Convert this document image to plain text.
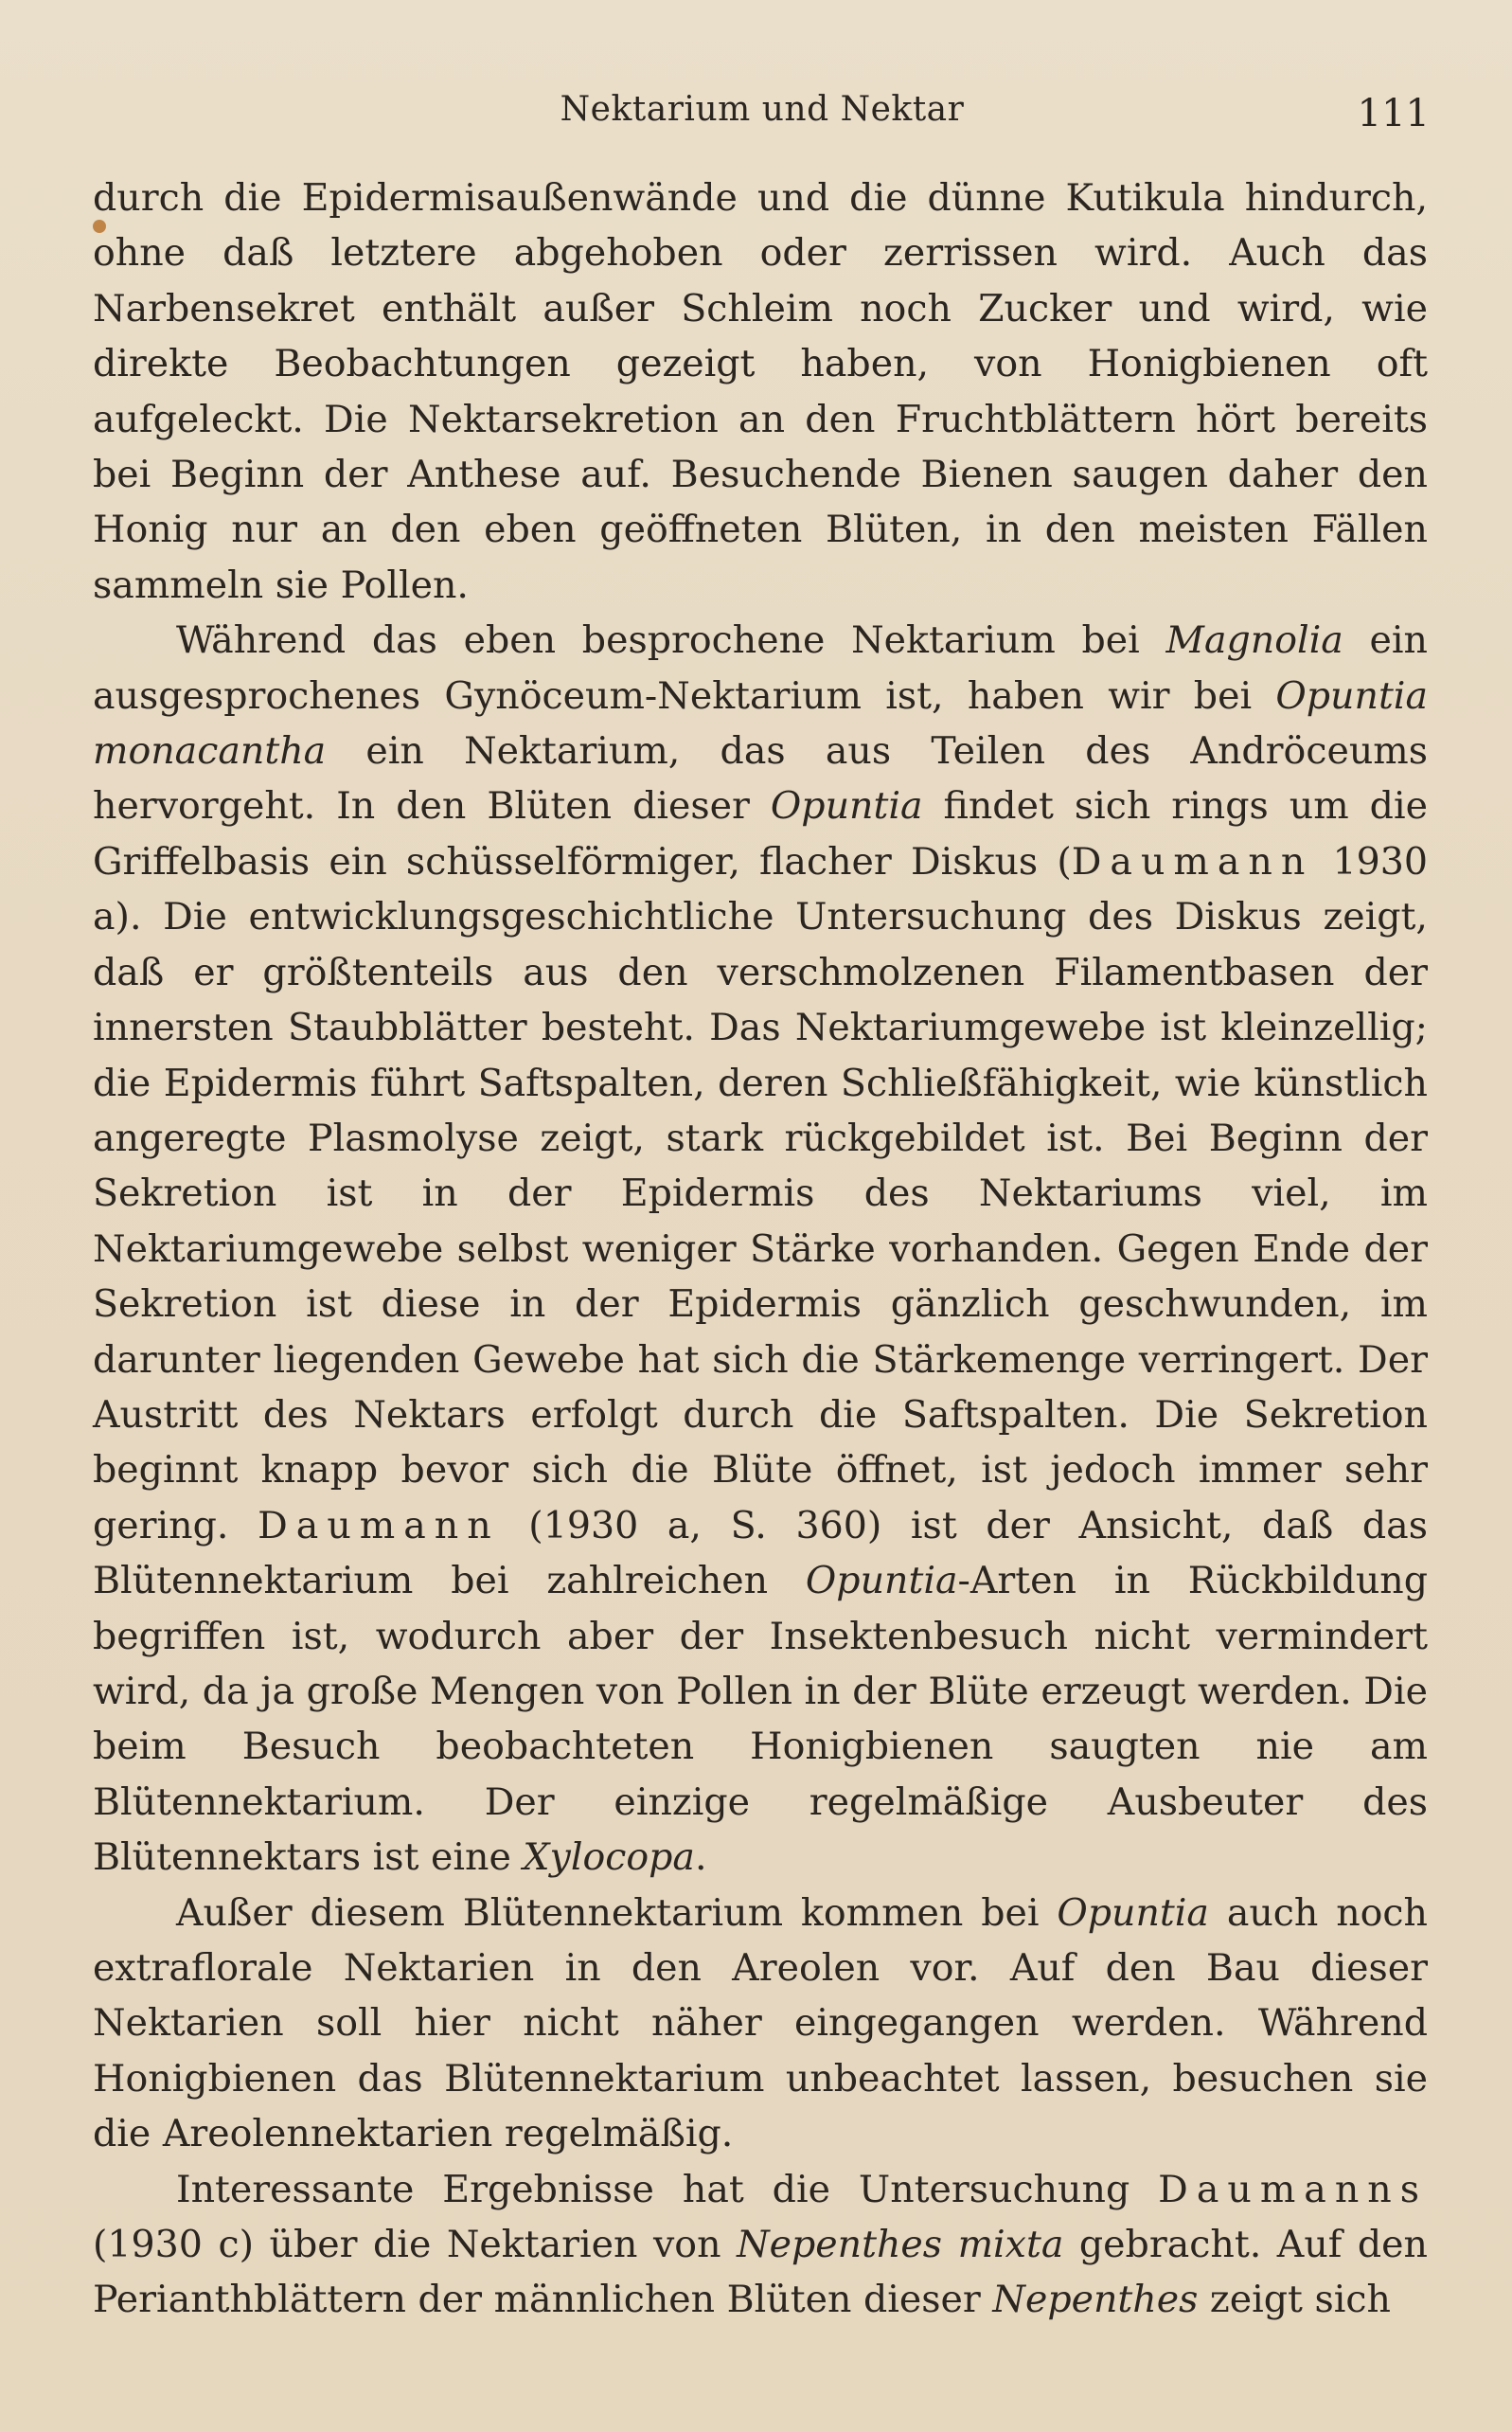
Nektarium und Nektar	111

durch die Epidermisaußenwände und die dünne Kutikula hindurch, ohne daß letztere abgehoben oder zerrissen wird. Auch das Narbensekret enthält außer Schleim noch Zucker und wird, wie direkte Beobachtungen gezeigt haben, von Honigbienen oft aufgeleckt. Die Nektarsekretion an den Fruchtblättern hört bereits bei Beginn der Anthese auf. Besuchende Bienen saugen daher den Honig nur an den eben geöffneten Blüten, in den meisten Fällen sammeln sie Pollen.

Während das eben besprochene Nektarium bei Magnolia ein ausgesprochenes Gynöceum-Nektarium ist, haben wir bei Opuntia monacantha ein Nektarium, das aus Teilen des Andröceums hervorgeht. In den Blüten dieser Opuntia findet sich rings um die Griffelbasis ein schüsselförmiger, flacher Diskus (Daumann 1930 a). Die entwicklungsgeschichtliche Untersuchung des Diskus zeigt, daß er größtenteils aus den verschmolzenen Filamentbasen der innersten Staubblätter besteht. Das Nektariumgewebe ist kleinzellig; die Epidermis führt Saftspalten, deren Schließfähigkeit, wie künstlich angeregte Plasmolyse zeigt, stark rückgebildet ist. Bei Beginn der Sekretion ist in der Epidermis des Nektariums viel, im Nektariumgewebe selbst weniger Stärke vorhanden. Gegen Ende der Sekretion ist diese in der Epidermis gänzlich geschwunden, im darunter liegenden Gewebe hat sich die Stärkemenge verringert. Der Austritt des Nektars erfolgt durch die Saftspalten. Die Sekretion beginnt knapp bevor sich die Blüte öffnet, ist jedoch immer sehr gering. Daumann (1930 a, S. 360) ist der Ansicht, daß das Blütennektarium bei zahlreichen Opuntia-Arten in Rückbildung begriffen ist, wodurch aber der Insektenbesuch nicht vermindert wird, da ja große Mengen von Pollen in der Blüte erzeugt werden. Die beim Besuch beobachteten Honigbienen saugten nie am Blütennektarium. Der einzige regelmäßige Ausbeuter des Blütennektars ist eine Xylocopa.

Außer diesem Blütennektarium kommen bei Opuntia auch noch extraflorale Nektarien in den Areolen vor. Auf den Bau dieser Nektarien soll hier nicht näher eingegangen werden. Während Honigbienen das Blütennektarium unbeachtet lassen, besuchen sie die Areolennektarien regelmäßig.

Interessante Ergebnisse hat die Untersuchung Daumanns (1930 c) über die Nektarien von Nepenthes mixta gebracht. Auf den Perianthblättern der männlichen Blüten dieser Nepenthes zeigt sich
